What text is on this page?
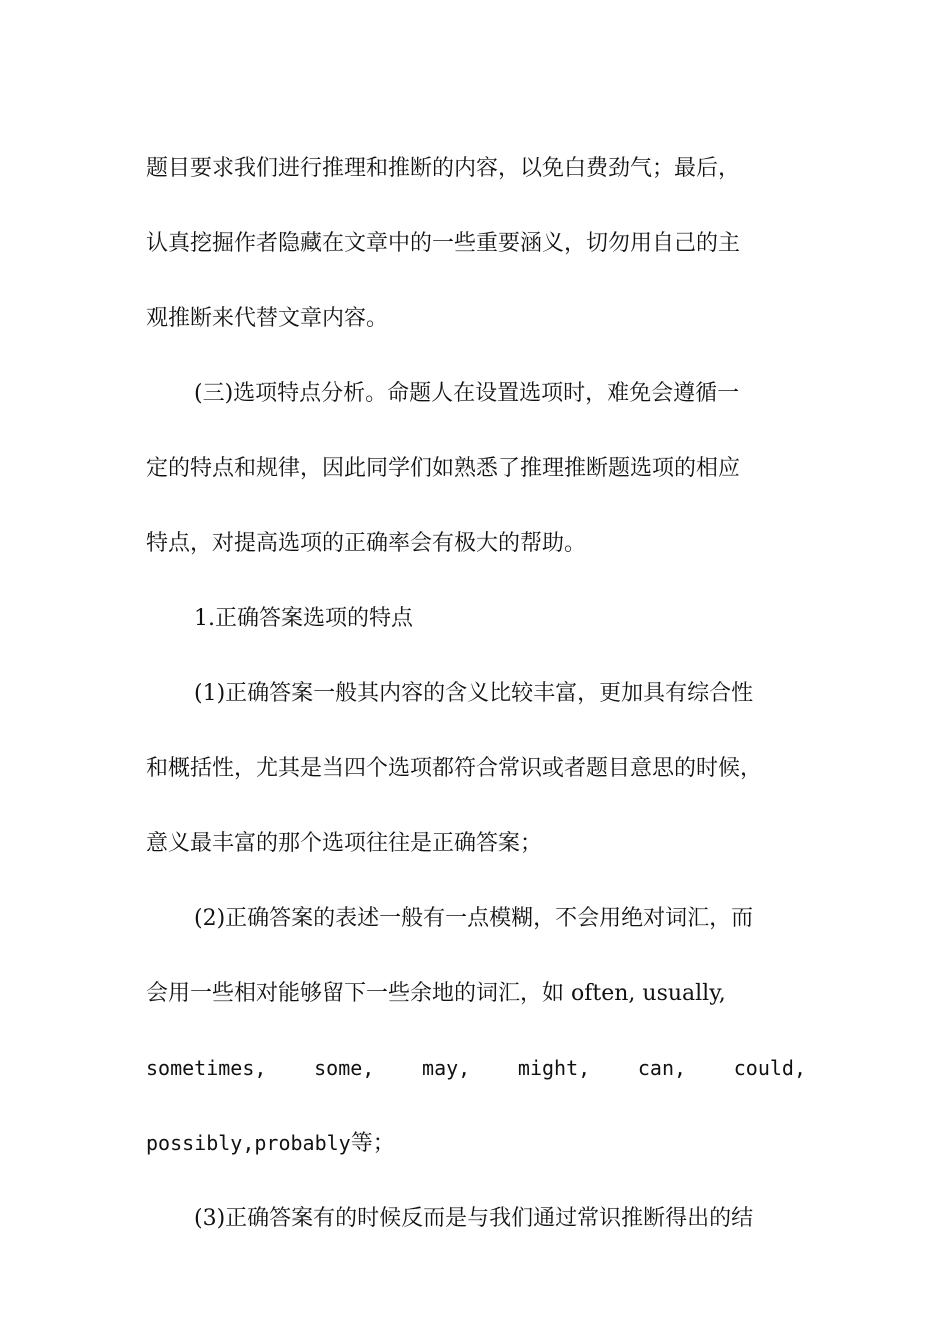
题目要求我们进行推理和推断的内容，以免白费劲气；最后，
认真挖掘作者隐藏在文章中的一些重要涵义，切勿用自己的主
观推断来代替文章内容。
(三)选项特点分析。命题人在设置选项时，难免会遵循一
定的特点和规律，因此同学们如熟悉了推理推断题选项的相应
特点，对提高选项的正确率会有极大的帮助。
1.正确答案选项的特点
(1)正确答案一般其内容的含义比较丰富，更加具有综合性
和概括性，尤其是当四个选项都符合常识或者题目意思的时候，
意义最丰富的那个选项往往是正确答案；
(2)正确答案的表述一般有一点模糊，不会用绝对词汇，而
会用一些相对能够留下一些余地的词汇，如 often, usually,
sometimes, some, may, might, can, could,
possibly,probably等；
(3)正确答案有的时候反而是与我们通过常识推断得出的结
